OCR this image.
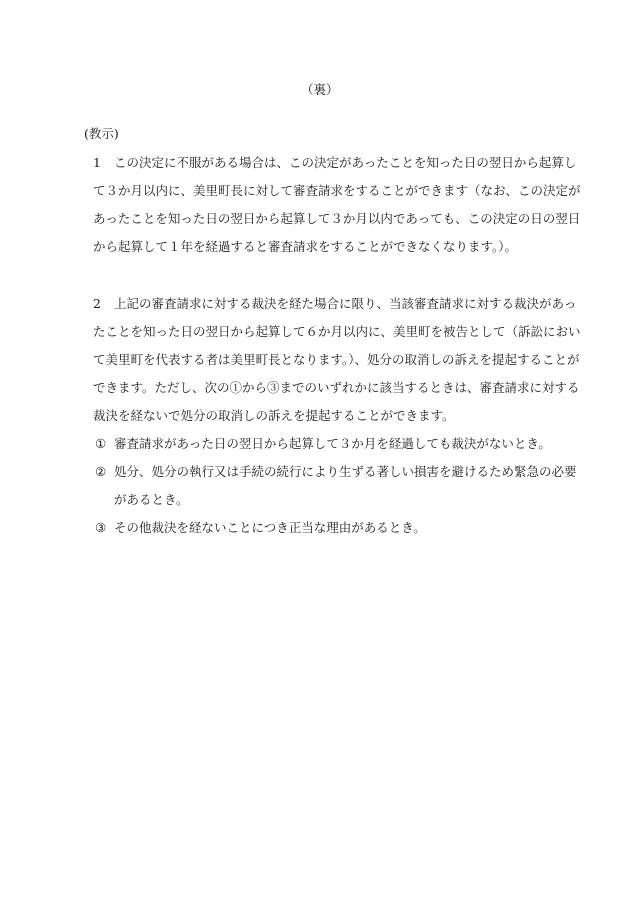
（裏）
(教示)
1 この決定に不服がある場合は、この決定があったことを知った日の翌日から起算し
て３か月以内に、美里町長に対して審査請求をすることができます（なお、この決定が
あったことを知った日の翌日から起算して３か月以内であっても、この決定の日の翌日
から起算して１年を経過すると審査請求をすることができなくなります。）。
2 上記の審査請求に対する裁決を経た場合に限り、当該審査請求に対する裁決があっ
たことを知った日の翌日から起算して６か月以内に、美里町を被告として（訴訟におい
て美里町を代表する者は美里町長となります。）、処分の取消しの訴えを提起することが
できます。ただし、次の①から③までのいずれかに該当するときは、審査請求に対する
裁決を経ないで処分の取消しの訴えを提起することができます。
① 審査請求があった日の翌日から起算して３か月を経過しても裁決がないとき。
② 処分、処分の執行又は手続の続行により生ずる著しい損害を避けるため緊急の必要
があるとき。
③ その他裁決を経ないことにつき正当な理由があるとき。
